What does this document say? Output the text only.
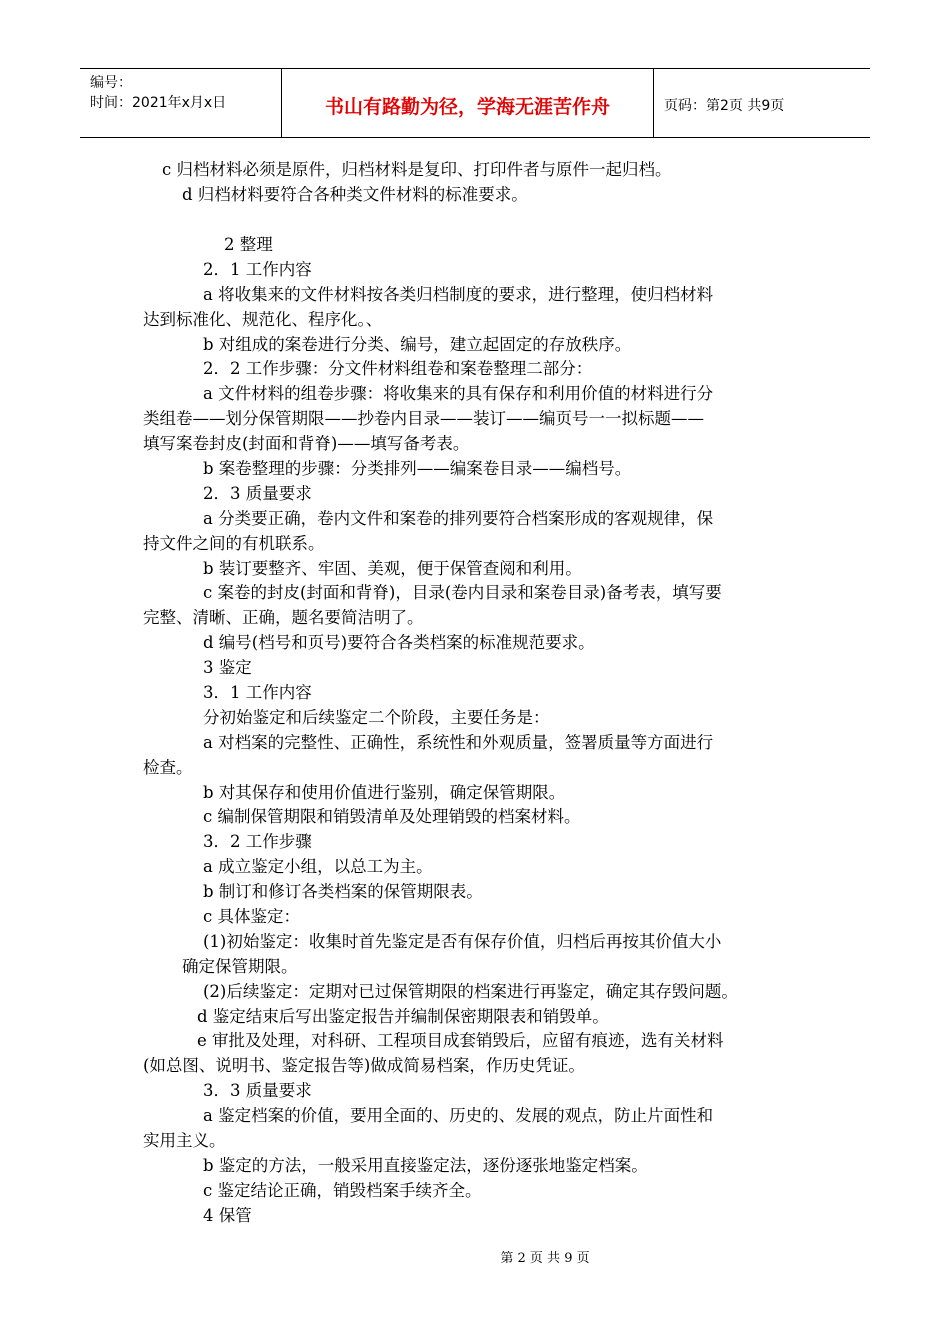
编号：
时间：2021年x月x日	书山有路勤为径，学海无涯苦作舟	页码：第2页 共9页
c 归档材料必须是原件，归档材料是复印、打印件者与原件一起归档。
d 归档材料要符合各种类文件材料的标准要求。
2 整理
2．1 工作内容
a 将收集来的文件材料按各类归档制度的要求，进行整理，使归档材料
达到标准化、规范化、程序化。、
b 对组成的案卷进行分类、编号，建立起固定的存放秩序。
2．2 工作步骤：分文件材料组卷和案卷整理二部分：
a 文件材料的组卷步骤：将收集来的具有保存和利用价值的材料进行分
类组卷——划分保管期限——抄卷内目录——装订——编页号一一拟标题——
填写案卷封皮(封面和背脊)——填写备考表。
b 案卷整理的步骤：分类排列——编案卷目录——编档号。
2．3 质量要求
a 分类要正确，卷内文件和案卷的排列要符合档案形成的客观规律，保
持文件之间的有机联系。
b 装订要整齐、牢固、美观，便于保管查阅和利用。
c 案卷的封皮(封面和背脊)，目录(卷内目录和案卷目录)备考表，填写要
完整、清晰、正确，题名要简洁明了。
d 编号(档号和页号)要符合各类档案的标准规范要求。
3 鉴定
3．1 工作内容
分初始鉴定和后续鉴定二个阶段，主要任务是：
a 对档案的完整性、正确性，系统性和外观质量，签署质量等方面进行
检查。
b 对其保存和使用价值进行鉴别，确定保管期限。
c 编制保管期限和销毁清单及处理销毁的档案材料。
3．2 工作步骤
a 成立鉴定小组，以总工为主。
b 制订和修订各类档案的保管期限表。
c 具体鉴定：
(1)初始鉴定：收集时首先鉴定是否有保存价值，归档后再按其价值大小
确定保管期限。
(2)后续鉴定：定期对已过保管期限的档案进行再鉴定，确定其存毁问题。
d 鉴定结束后写出鉴定报告并编制保密期限表和销毁单。
e 审批及处理，对科研、工程项目成套销毁后，应留有痕迹，选有关材料
(如总图、说明书、鉴定报告等)做成简易档案，作历史凭证。
3．3 质量要求
a 鉴定档案的价值，要用全面的、历史的、发展的观点，防止片面性和
实用主义。
b 鉴定的方法，一般采用直接鉴定法，逐份逐张地鉴定档案。
c 鉴定结论正确，销毁档案手续齐全。
4 保管
第 2 页 共 9 页
